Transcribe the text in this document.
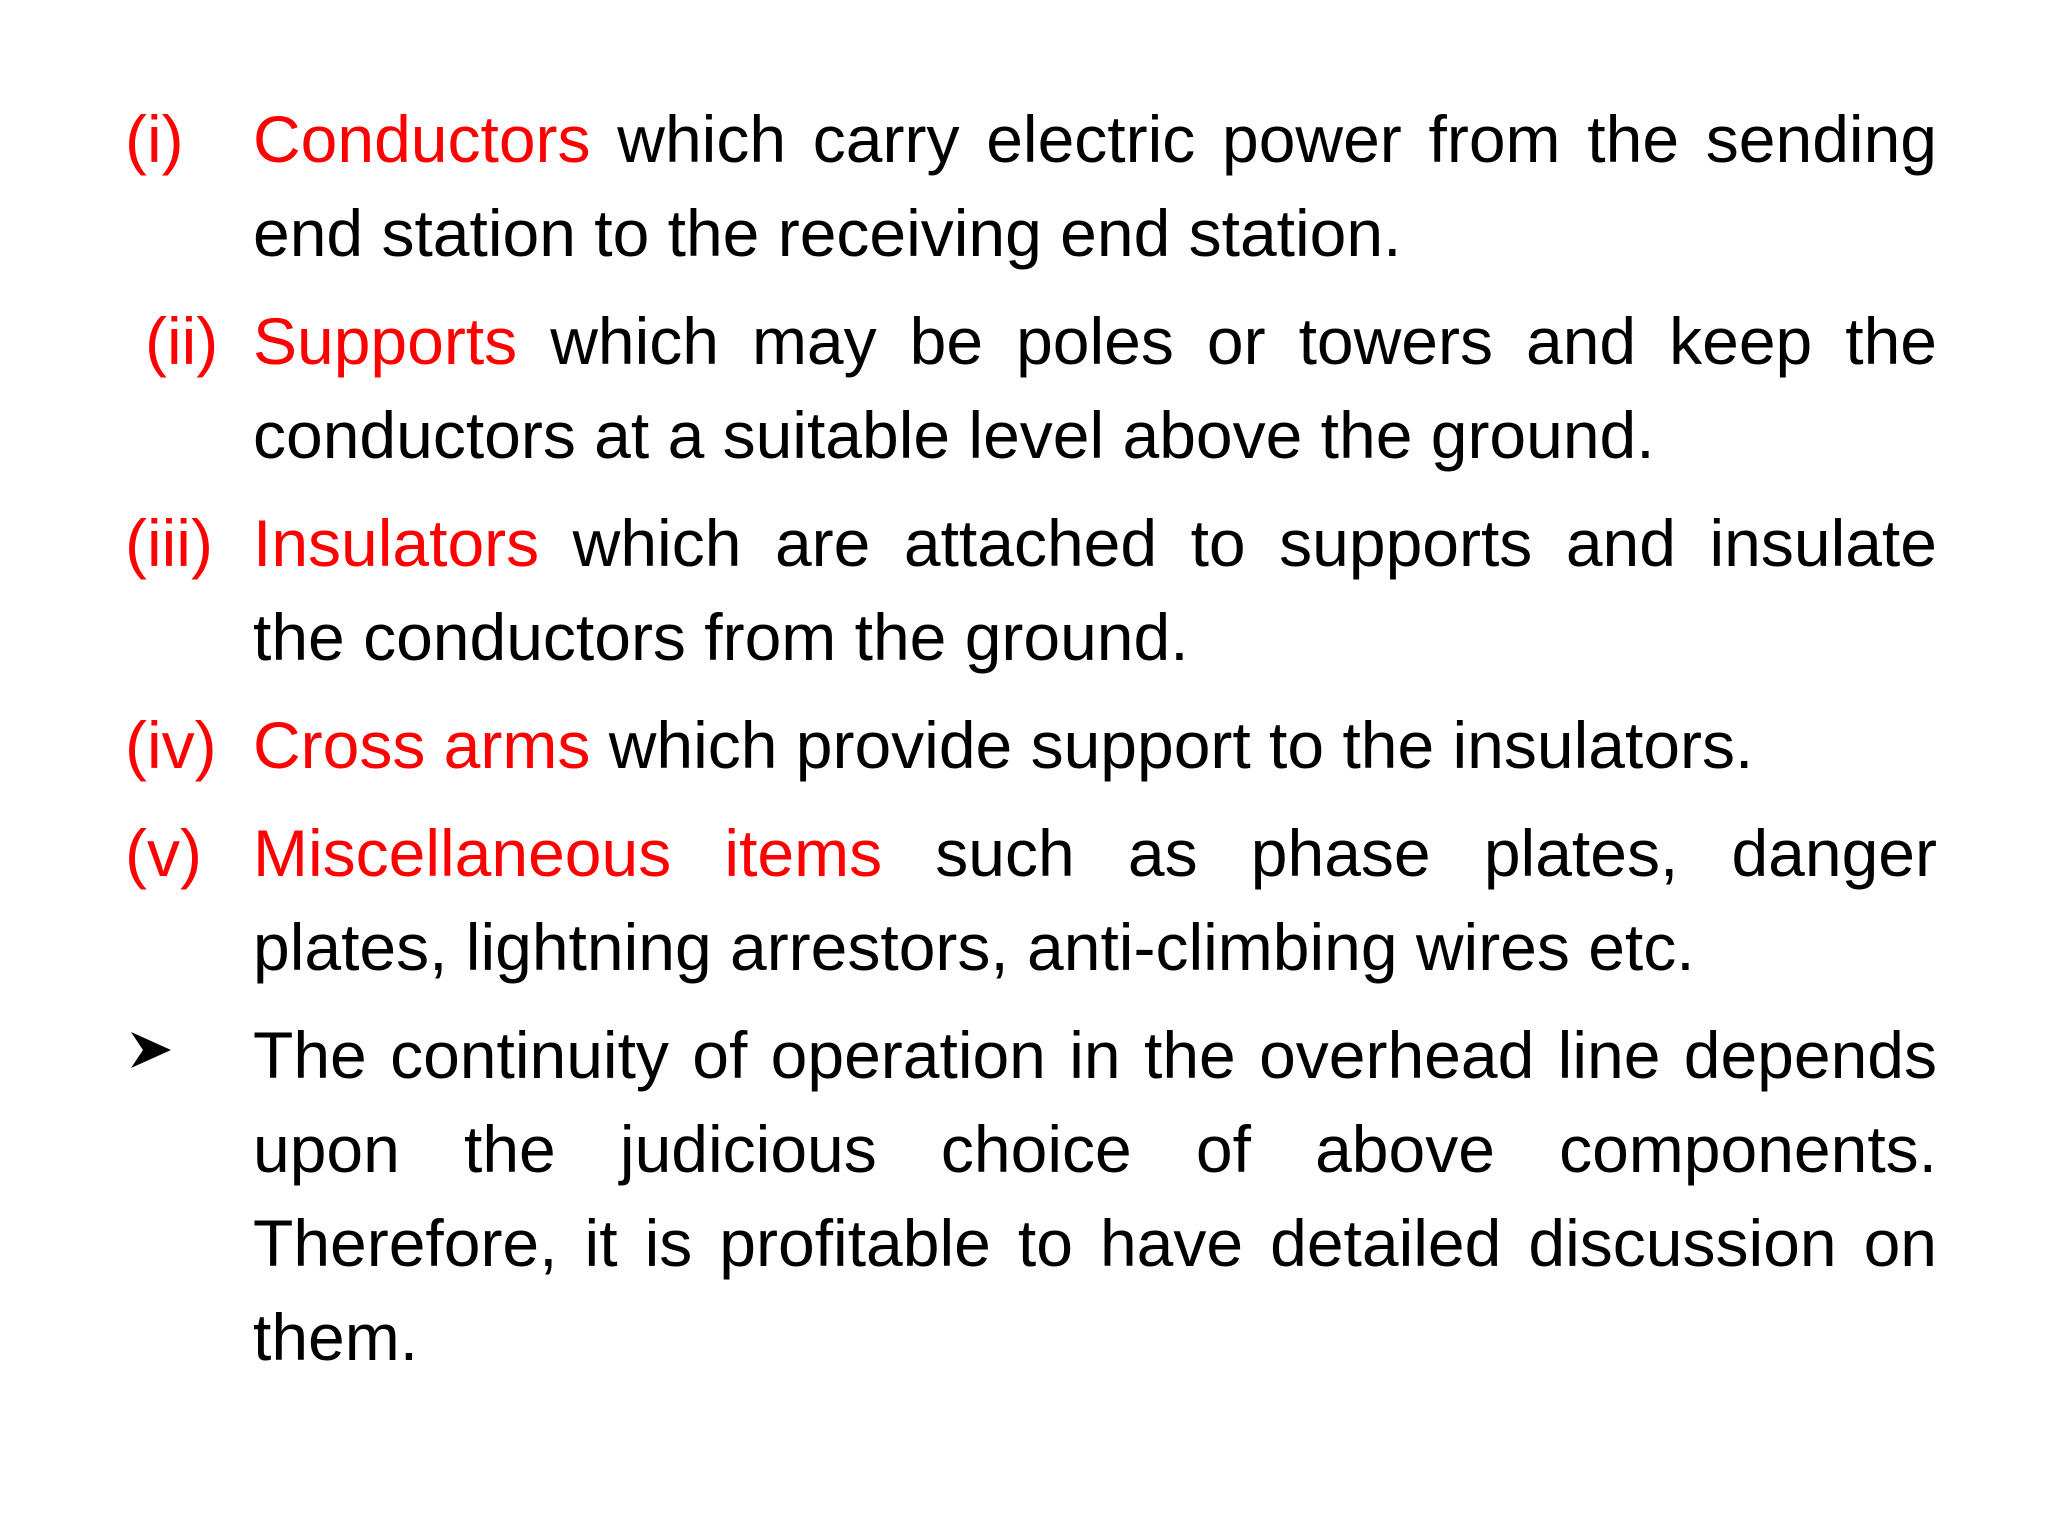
(i) Conductors which carry electric power from the sending end station to the receiving end station.
(ii) Supports which may be poles or towers and keep the conductors at a suitable level above the ground.
(iii) Insulators which are attached to supports and insulate the conductors from the ground.
(iv) Cross arms which provide support to the insulators.
(v) Miscellaneous items such as phase plates, danger plates, lightning arrestors, anti-climbing wires etc.
The continuity of operation in the overhead line depends upon the judicious choice of above components. Therefore, it is profitable to have detailed discussion on them.
